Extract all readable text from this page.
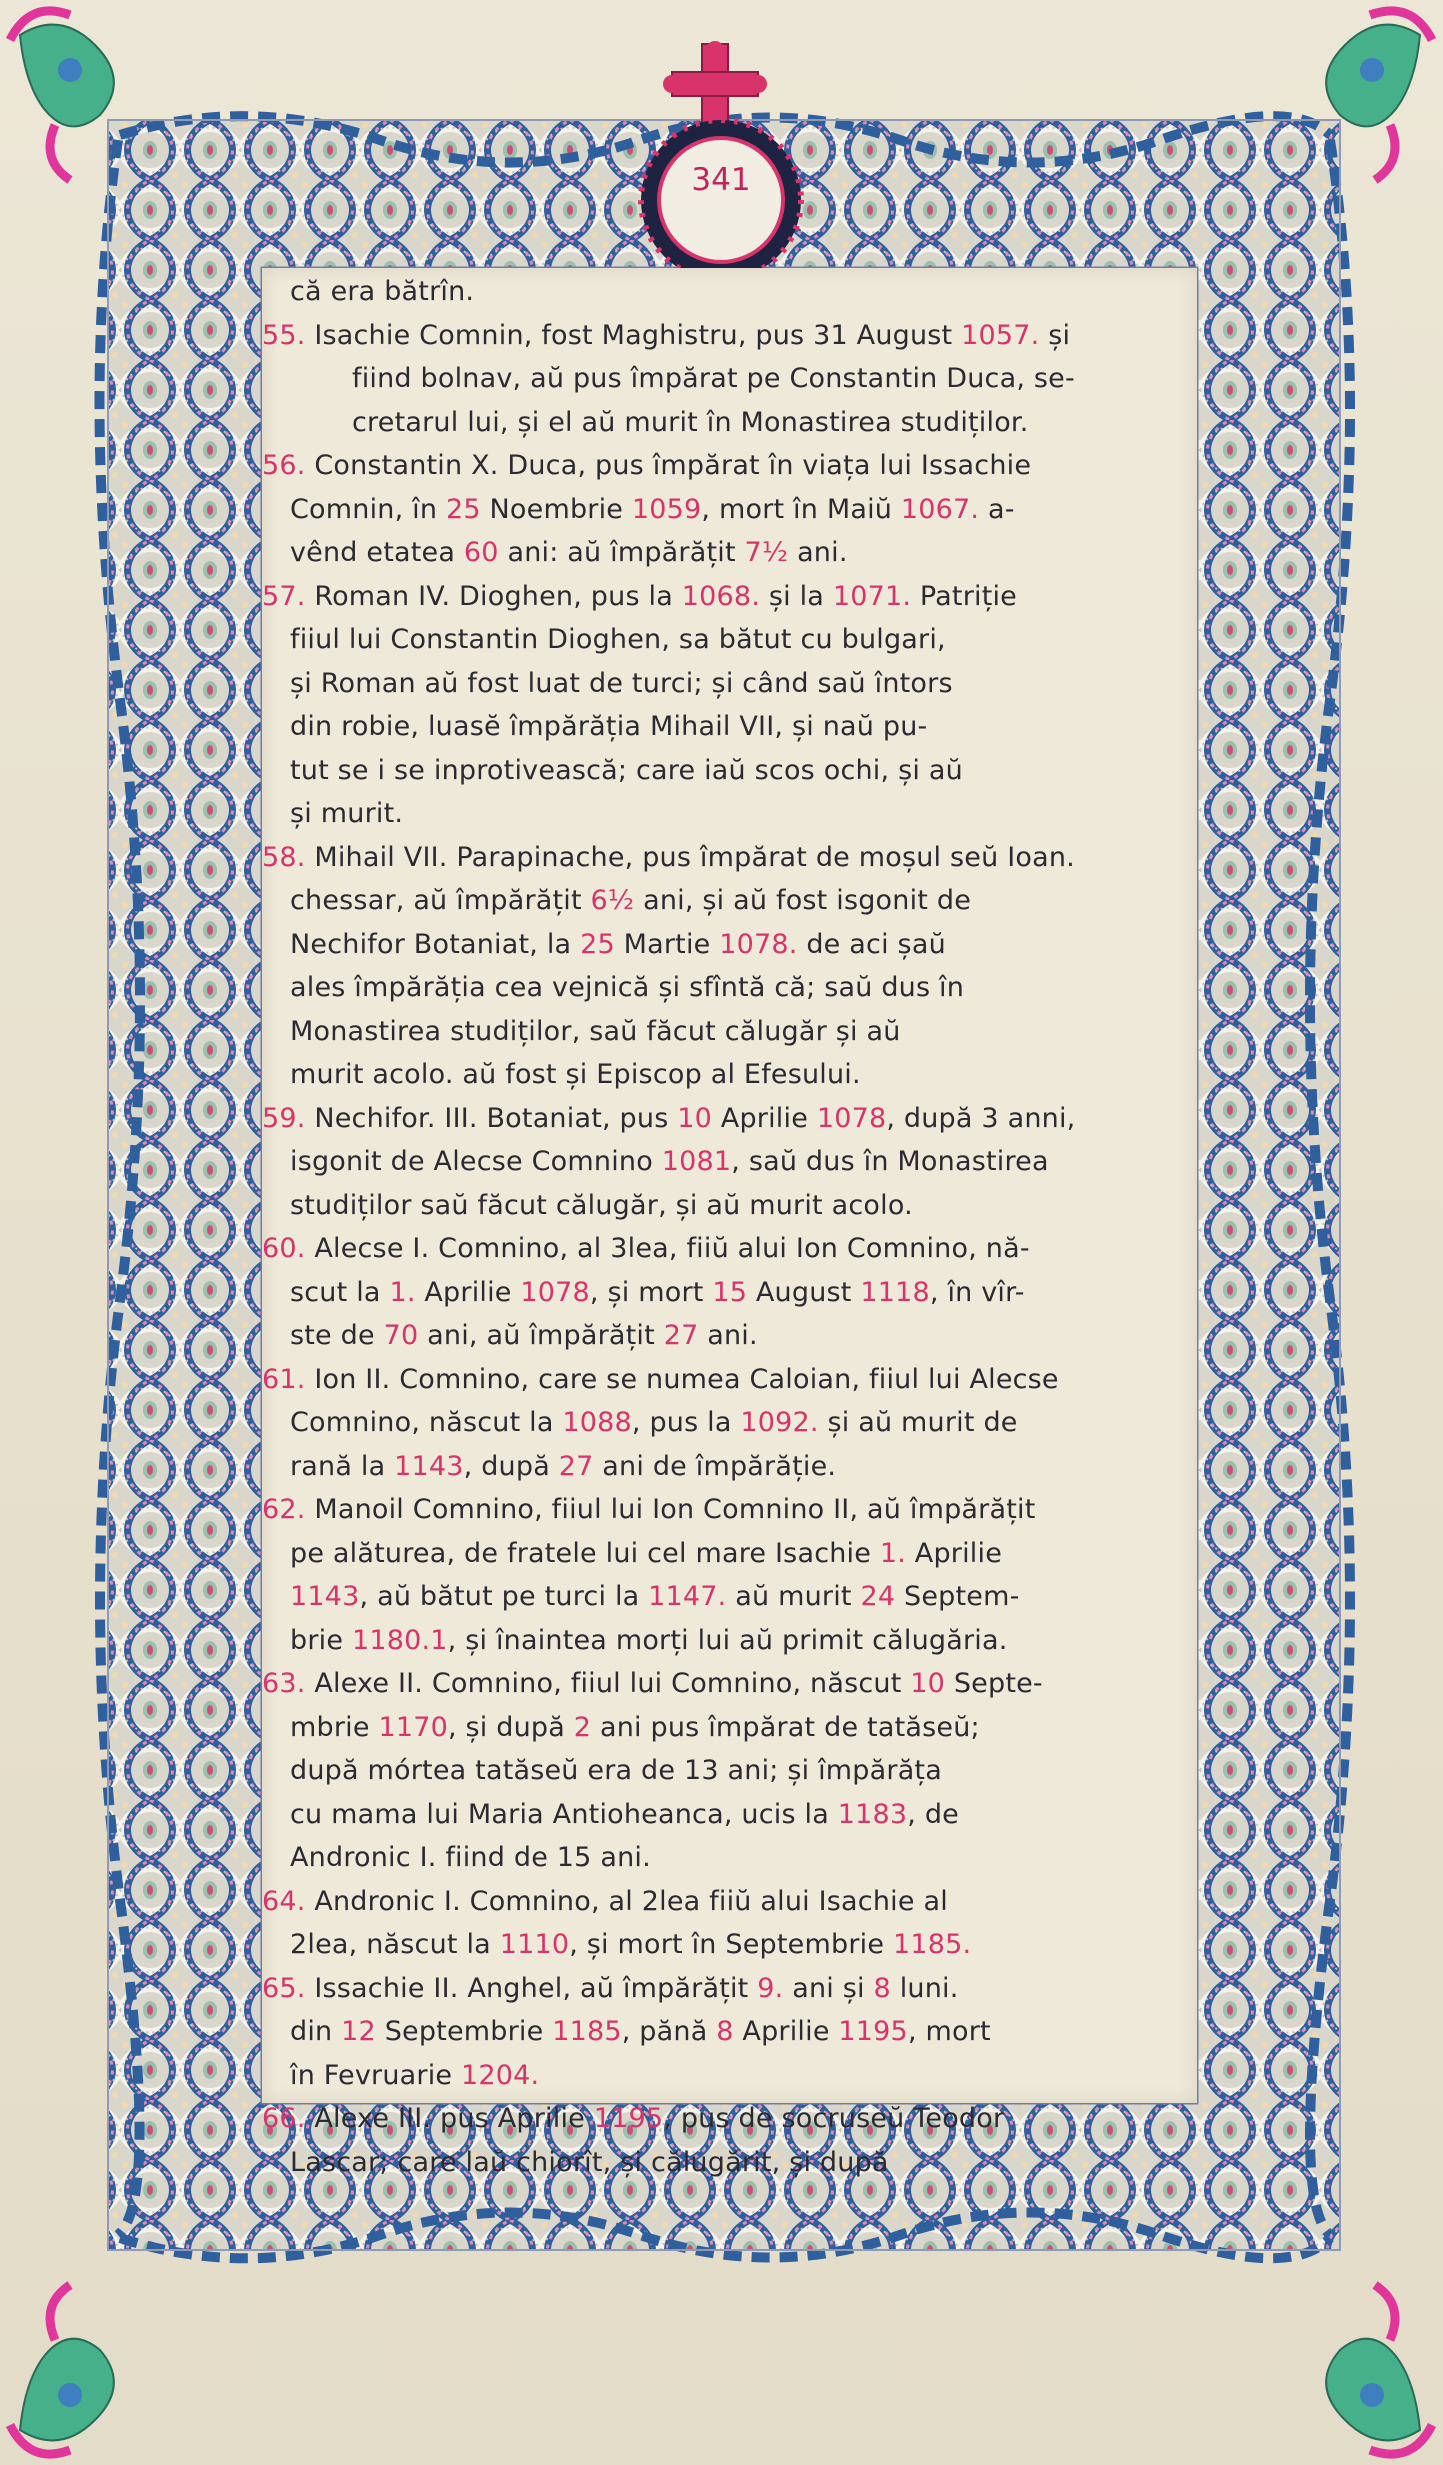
341
că era bătrîn.
55. Isachie Comnin, fost Maghistru, pus 31 August 1057. și
fiind bolnav, aŭ pus împărat pe Constantin Duca, se-
cretarul lui, și el aŭ murit în Monastirea studiților.
56. Constantin X. Duca, pus împărat în viața lui Issachie
Comnin, în 25 Noembrie 1059, mort în Maiŭ 1067. a-
vênd etatea 60 ani: aŭ împărățit 7½ ani.
57. Roman IV. Dioghen, pus la 1068. și la 1071. Patriție
fiiul lui Constantin Dioghen, sa bătut cu bulgari,
și Roman aŭ fost luat de turci; și când saŭ întors
din robie, luasĕ împărăția Mihail VII, și naŭ pu-
tut se i se inprotivească; care iaŭ scos ochi, și aŭ
și murit.
58. Mihail VII. Parapinache, pus împărat de moșul seŭ Ioan.
chessar, aŭ împărățit 6½ ani, și aŭ fost isgonit de
Nechifor Botaniat, la 25 Martie 1078. de aci șaŭ
ales împărăția cea vejnică și sfîntă că; saŭ dus în
Monastirea studiților, saŭ făcut călugăr și aŭ
murit acolo. aŭ fost și Episcop al Efesului.
59. Nechifor. III. Botaniat, pus 10 Aprilie 1078, după 3 anni,
isgonit de Alecse Comnino 1081, saŭ dus în Monastirea
studiților saŭ făcut călugăr, și aŭ murit acolo.
60. Alecse I. Comnino, al 3lea, fiiŭ alui Ion Comnino, nă-
scut la 1. Aprilie 1078, și mort 15 August 1118, în vîr-
ste de 70 ani, aŭ împărățit 27 ani.
61. Ion II. Comnino, care se numea Caloian, fiiul lui Alecse
Comnino, născut la 1088, pus la 1092. și aŭ murit de
rană la 1143, după 27 ani de împărăție.
62. Manoil Comnino, fiiul lui Ion Comnino II, aŭ împărățit
pe alăturea, de fratele lui cel mare Isachie 1. Aprilie
1143, aŭ bătut pe turci la 1147. aŭ murit 24 Septem-
brie 1180.1, și înaintea morți lui aŭ primit călugăria.
63. Alexe II. Comnino, fiiul lui Comnino, născut 10 Septe-
mbrie 1170, și după 2 ani pus împărat de tatăseŭ;
după mórtea tatăseŭ era de 13 ani; și împărăța
cu mama lui Maria Antioheanca, ucis la 1183, de
Andronic I. fiind de 15 ani.
64. Andronic I. Comnino, al 2lea fiiŭ alui Isachie al
2lea, născut la 1110, și mort în Septembrie 1185.
65. Issachie II. Anghel, aŭ împărățit 9. ani și 8 luni.
din 12 Septembrie 1185, pănă 8 Aprilie 1195, mort
în Fevruarie 1204.
66. Alexe III. pus Aprilie 1195, pus de socruseŭ Teodor
Lascar; care laŭ chiorît, și călugărit, și după
